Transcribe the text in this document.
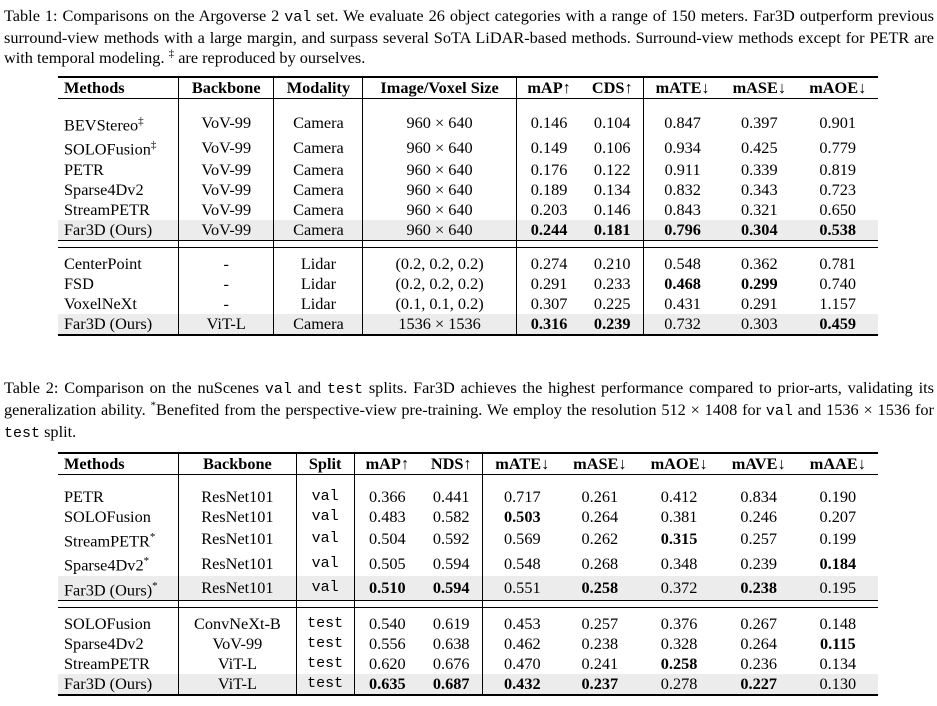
Table 1: Comparisons on the Argoverse 2 val set. We evaluate 26 object categories with a range of 150 meters. Far3D outperform previous surround-view methods with a large margin, and surpass several SoTA LiDAR-based methods. Surround-view methods except for PETR are with temporal modeling. ‡ are reproduced by ourselves.
Methods	Backbone	Modality	Image/Voxel Size	mAP↑	CDS↑	mATE↓	mASE↓	mAOE↓

BEVStereo‡	VoV-99	Camera	960 × 640	0.146	0.104	0.847	0.397	0.901
SOLOFusion‡	VoV-99	Camera	960 × 640	0.149	0.106	0.934	0.425	0.779
PETR	VoV-99	Camera	960 × 640	0.176	0.122	0.911	0.339	0.819
Sparse4Dv2	VoV-99	Camera	960 × 640	0.189	0.134	0.832	0.343	0.723
StreamPETR	VoV-99	Camera	960 × 640	0.203	0.146	0.843	0.321	0.650
Far3D (Ours)	VoV-99	Camera	960 × 640	0.244	0.181	0.796	0.304	0.538

CenterPoint	-	Lidar	(0.2, 0.2, 0.2)	0.274	0.210	0.548	0.362	0.781
FSD	-	Lidar	(0.2, 0.2, 0.2)	0.291	0.233	0.468	0.299	0.740
VoxelNeXt	-	Lidar	(0.1, 0.1, 0.2)	0.307	0.225	0.431	0.291	1.157
Far3D (Ours)	ViT-L	Camera	1536 × 1536	0.316	0.239	0.732	0.303	0.459
Table 2: Comparison on the nuScenes val and test splits. Far3D achieves the highest performance compared to prior-arts, validating its generalization ability. *Benefited from the perspective-view pre-training. We employ the resolution 512 × 1408 for val and 1536 × 1536 for test split.
Methods	Backbone	Split	mAP↑	NDS↑	mATE↓	mASE↓	mAOE↓	mAVE↓	mAAE↓

PETR	ResNet101	val	0.366	0.441	0.717	0.261	0.412	0.834	0.190
SOLOFusion	ResNet101	val	0.483	0.582	0.503	0.264	0.381	0.246	0.207
StreamPETR*	ResNet101	val	0.504	0.592	0.569	0.262	0.315	0.257	0.199
Sparse4Dv2*	ResNet101	val	0.505	0.594	0.548	0.268	0.348	0.239	0.184
Far3D (Ours)*	ResNet101	val	0.510	0.594	0.551	0.258	0.372	0.238	0.195

SOLOFusion	ConvNeXt-B	test	0.540	0.619	0.453	0.257	0.376	0.267	0.148
Sparse4Dv2	VoV-99	test	0.556	0.638	0.462	0.238	0.328	0.264	0.115
StreamPETR	ViT-L	test	0.620	0.676	0.470	0.241	0.258	0.236	0.134
Far3D (Ours)	ViT-L	test	0.635	0.687	0.432	0.237	0.278	0.227	0.130
